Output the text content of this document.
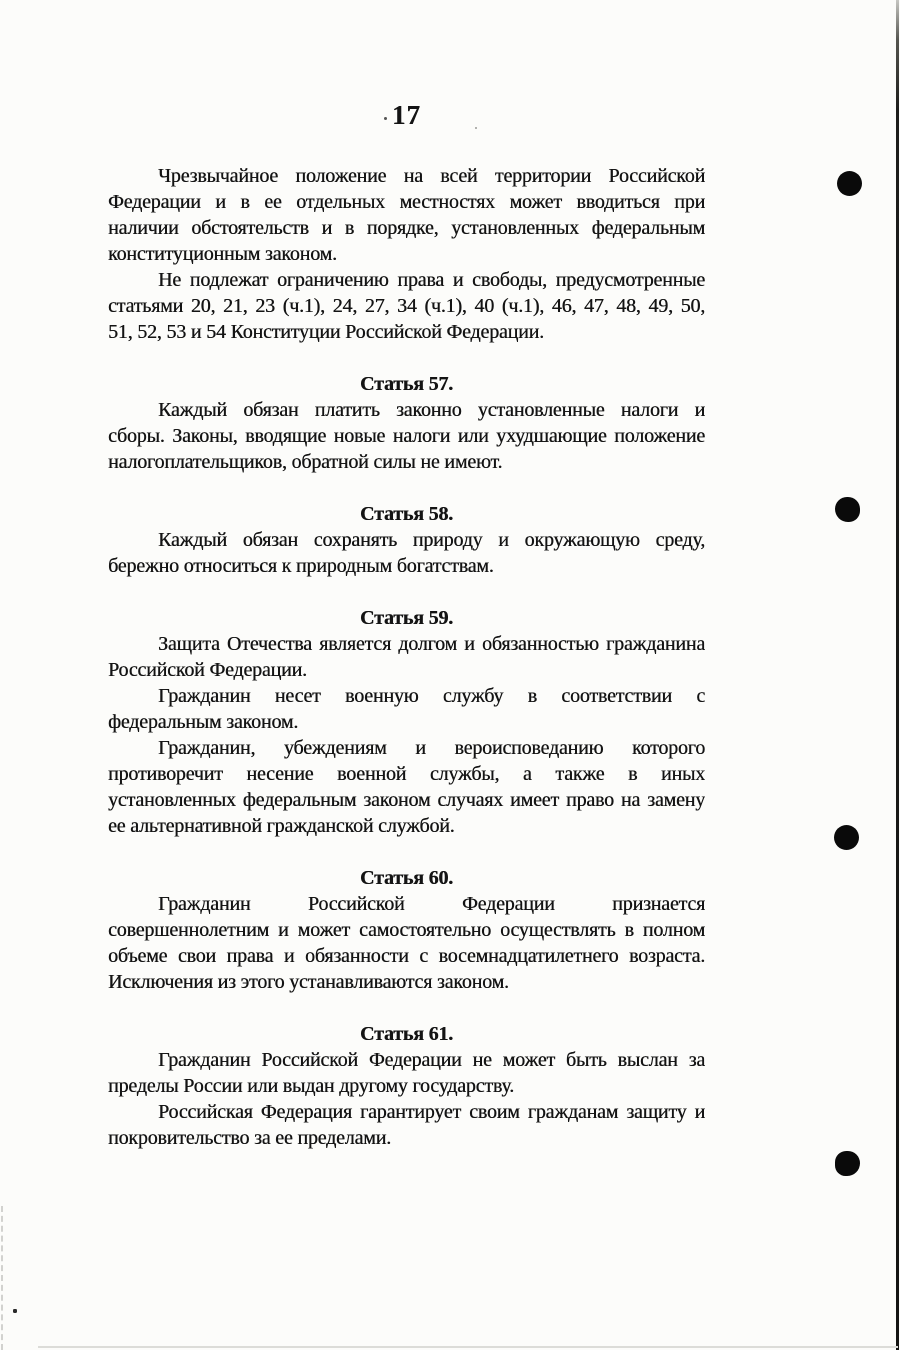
17
Чрезвычайное положение на всей территории Российской
Федерации и в ее отдельных местностях может вводиться при
наличии обстоятельств и в порядке, установленных федеральным
конституционным законом.
Не подлежат ограничению права и свободы, предусмотренные
статьями 20, 21, 23 (ч.1), 24, 27, 34 (ч.1), 40 (ч.1), 46, 47, 48, 49, 50,
51, 52, 53 и 54 Конституции Российской Федерации.
Статья 57.
Каждый обязан платить законно установленные налоги и
сборы. Законы, вводящие новые налоги или ухудшающие положение
налогоплательщиков, обратной силы не имеют.
Статья 58.
Каждый обязан сохранять природу и окружающую среду,
бережно относиться к природным богатствам.
Статья 59.
Защита Отечества является долгом и обязанностью гражданина
Российской Федерации.
Гражданин несет военную службу в соответствии с
федеральным законом.
Гражданин, убеждениям и вероисповеданию которого
противоречит несение военной службы, а также в иных
установленных федеральным законом случаях имеет право на замену
ее альтернативной гражданской службой.
Статья 60.
Гражданин Российской Федерации признается
совершеннолетним и может самостоятельно осуществлять в полном
объеме свои права и обязанности с восемнадцатилетнего возраста.
Исключения из этого устанавливаются законом.
Статья 61.
Гражданин Российской Федерации не может быть выслан за
пределы России или выдан другому государству.
Российская Федерация гарантирует своим гражданам защиту и
покровительство за ее пределами.
